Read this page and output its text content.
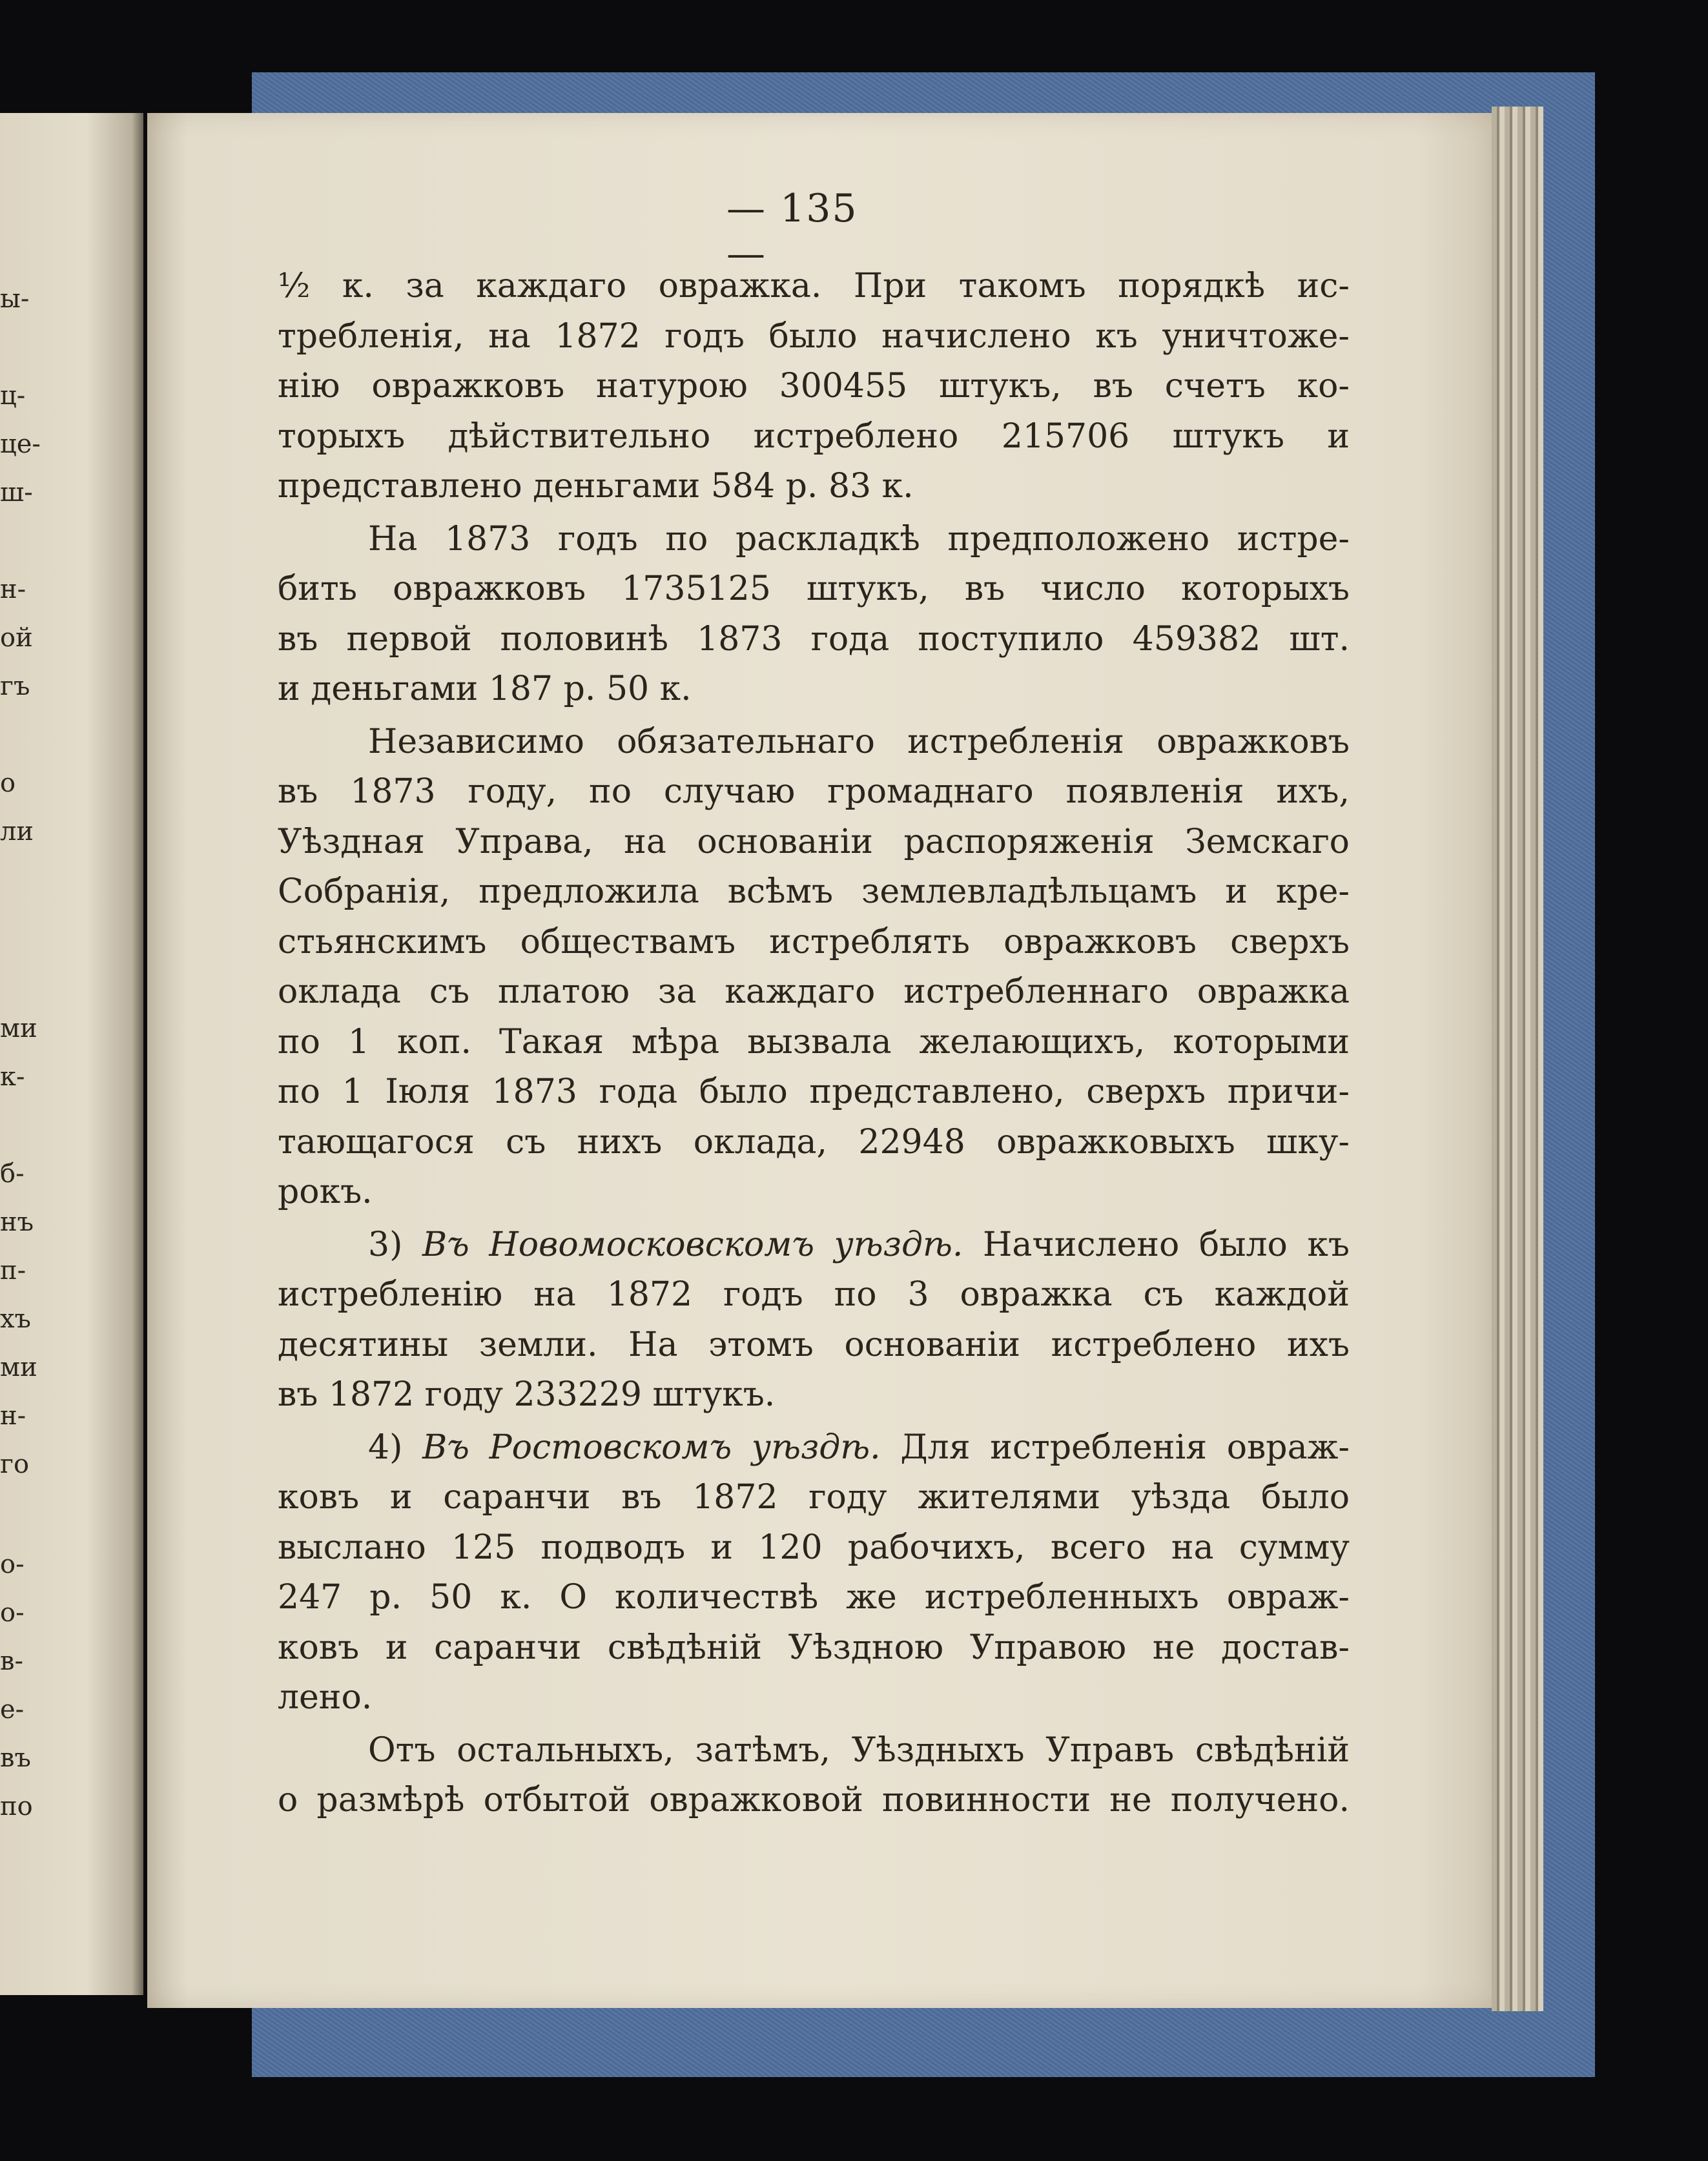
ы-
ц-
це-
ш-
н-
ой
гъ
о
ли
ми
к-
б-
нъ
п-
хъ
ми
н-
го
о-
о-
в-
е-
въ
по
— 135 —
½ к. за каждаго овражка. При такомъ порядкѣ ис-
требленія, на 1872 годъ было начислено къ уничтоже-
нію овражковъ натурою 300455 штукъ, въ счетъ ко-
торыхъ дѣйствительно истреблено 215706 штукъ и
представлено деньгами 584 р. 83 к.
На 1873 годъ по раскладкѣ предположено истре-
бить овражковъ 1735125 штукъ, въ число которыхъ
въ первой половинѣ 1873 года поступило 459382 шт.
и деньгами 187 р. 50 к.
Независимо обязательнаго истребленія овражковъ
въ 1873 году, по случаю громаднаго появленія ихъ,
Уѣздная Управа, на основаніи распоряженія Земскаго
Собранія, предложила всѣмъ землевладѣльцамъ и кре-
стьянскимъ обществамъ истреблять овражковъ сверхъ
оклада съ платою за каждаго истребленнаго овражка
по 1 коп. Такая мѣра вызвала желающихъ, которыми
по 1 Іюля 1873 года было представлено, сверхъ причи-
тающагося съ нихъ оклада, 22948 овражковыхъ шку-
рокъ.
3) Въ Новомосковскомъ уѣздѣ. Начислено было къ
истребленію на 1872 годъ по 3 овражка съ каждой
десятины земли. На этомъ основаніи истреблено ихъ
въ 1872 году 233229 штукъ.
4) Въ Ростовскомъ уѣздѣ. Для истребленія овраж-
ковъ и саранчи въ 1872 году жителями уѣзда было
выслано 125 подводъ и 120 рабочихъ, всего на сумму
247 р. 50 к. О количествѣ же истребленныхъ овраж-
ковъ и саранчи свѣдѣній Уѣздною Управою не достав-
лено.
Отъ остальныхъ, затѣмъ, Уѣздныхъ Управъ свѣдѣній
о размѣрѣ отбытой овражковой повинности не получено.
